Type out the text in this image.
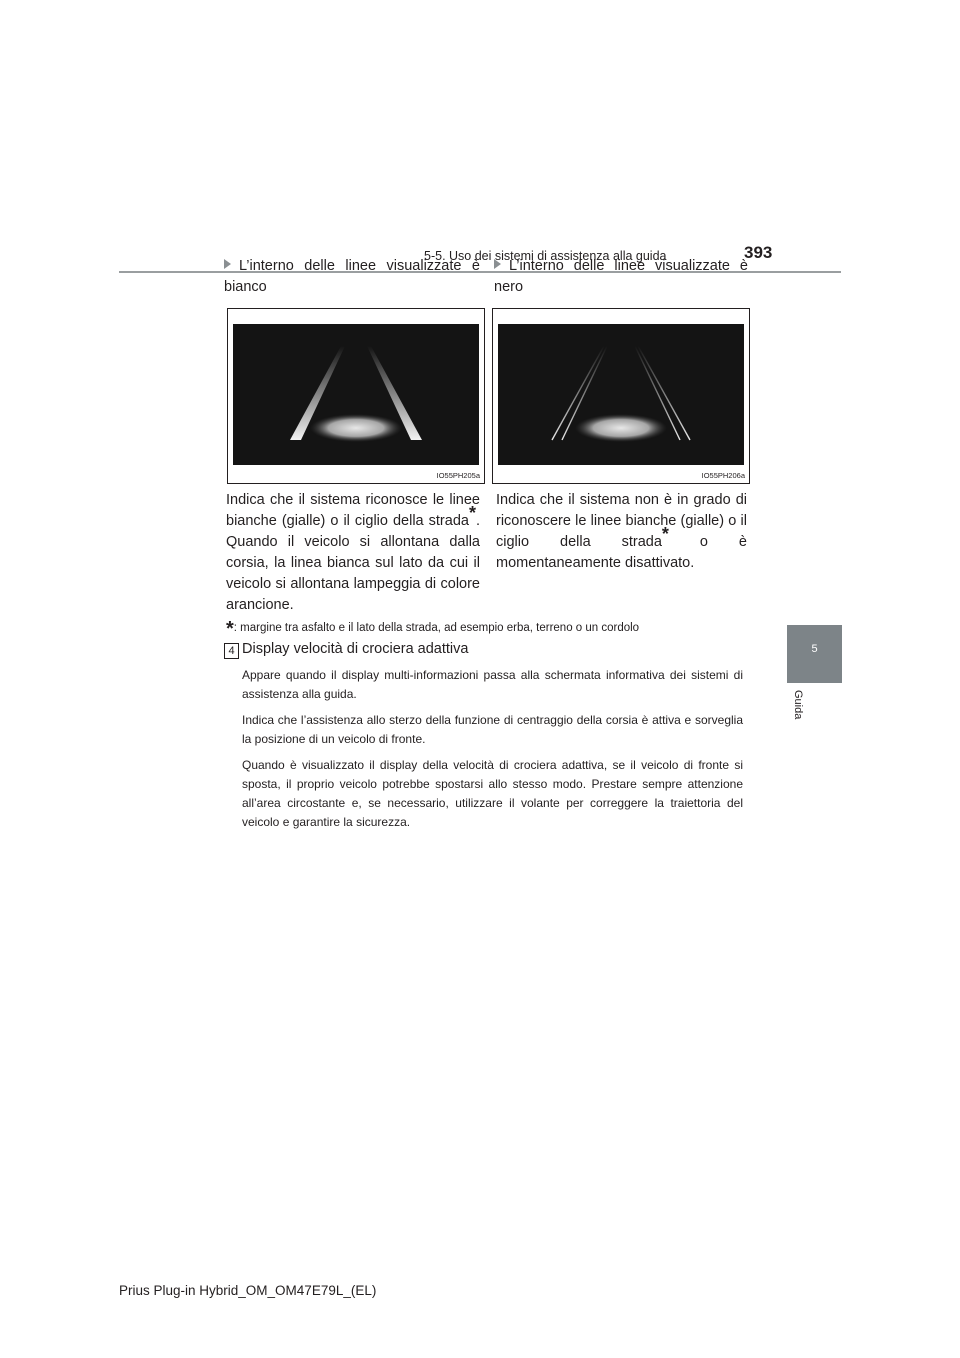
5-5. Uso dei sistemi di assistenza alla guida	393
5
Guida
L’interno delle linee visualizzate è bianco
L’interno delle linee visualizzate è nero
IO55PH205a	IO55PH206a
Indica che il sistema riconosce le linee bianche (gialle) o il ciglio della strada*. Quando il veicolo si allontana dalla corsia, la linea bianca sul lato da cui il veicolo si allontana lampeggia di colore arancione.
Indica che il sistema non è in grado di riconoscere le linee bianche (gialle) o il ciglio della strada* o è momentaneamente disattivato.
*: margine tra asfalto e il lato della strada, ad esempio erba, terreno o un cordolo
4 Display velocità di crociera adattiva
Appare quando il display multi-informazioni passa alla schermata informativa dei sistemi di assistenza alla guida.
Indica che l’assistenza allo sterzo della funzione di centraggio della corsia è attiva e sorveglia la posizione di un veicolo di fronte.
Quando è visualizzato il display della velocità di crociera adattiva, se il veicolo di fronte si sposta, il proprio veicolo potrebbe spostarsi allo stesso modo. Prestare sempre attenzione all’area circostante e, se necessario, utilizzare il volante per correggere la traiettoria del veicolo e garantire la sicurezza.
Prius Plug-in Hybrid_OM_OM47E79L_(EL)
